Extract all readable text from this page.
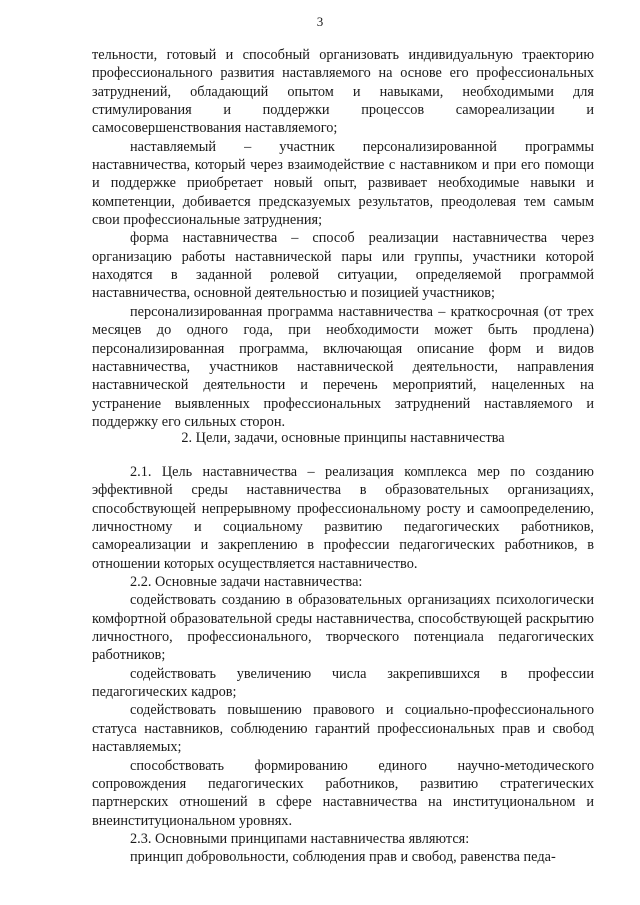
3

тельности, готовый и способный организовать индивидуальную траекторию профессионального развития наставляемого на основе его профессиональных затруднений, обладающий опытом и навыками, необходимыми для стимулирования и поддержки процессов самореализации и самосовершенствования наставляемого;

наставляемый – участник персонализированной программы наставничества, который через взаимодействие с наставником и при его помощи и поддержке приобретает новый опыт, развивает необходимые навыки и компетенции, добивается предсказуемых результатов, преодолевая тем самым свои профессиональные затруднения;

форма наставничества – способ реализации наставничества через организацию работы наставнической пары или группы, участники которой находятся в заданной ролевой ситуации, определяемой программой наставничества, основной деятельностью и позицией участников;

персонализированная программа наставничества – краткосрочная (от трех месяцев до одного года, при необходимости может быть продлена) персонализированная программа, включающая описание форм и видов наставничества, участников наставнической деятельности, направления наставнической деятельности и перечень мероприятий, нацеленных на устранение выявленных профессиональных затруднений наставляемого и поддержку его сильных сторон.

2. Цели, задачи, основные принципы наставничества

2.1. Цель наставничества – реализация комплекса мер по созданию эффективной среды наставничества в образовательных организациях, способствующей непрерывному профессиональному росту и самоопределению, личностному и социальному развитию педагогических работников, самореализации и закреплению в профессии педагогических работников, в отношении которых осуществляется наставничество.

2.2. Основные задачи наставничества:

содействовать созданию в образовательных организациях психологически комфортной образовательной среды наставничества, способствующей раскрытию личностного, профессионального, творческого потенциала педагогических работников;

содействовать увеличению числа закрепившихся в профессии педагогических кадров;

содействовать повышению правового и социально-профессионального статуса наставников, соблюдению гарантий профессиональных прав и свобод наставляемых;

способствовать формированию единого научно-методического сопровождения педагогических работников, развитию стратегических партнерских отношений в сфере наставничества на институциональном и внеинституциональном уровнях.

2.3. Основными принципами наставничества являются:

принцип добровольности, соблюдения прав и свобод, равенства педа-
